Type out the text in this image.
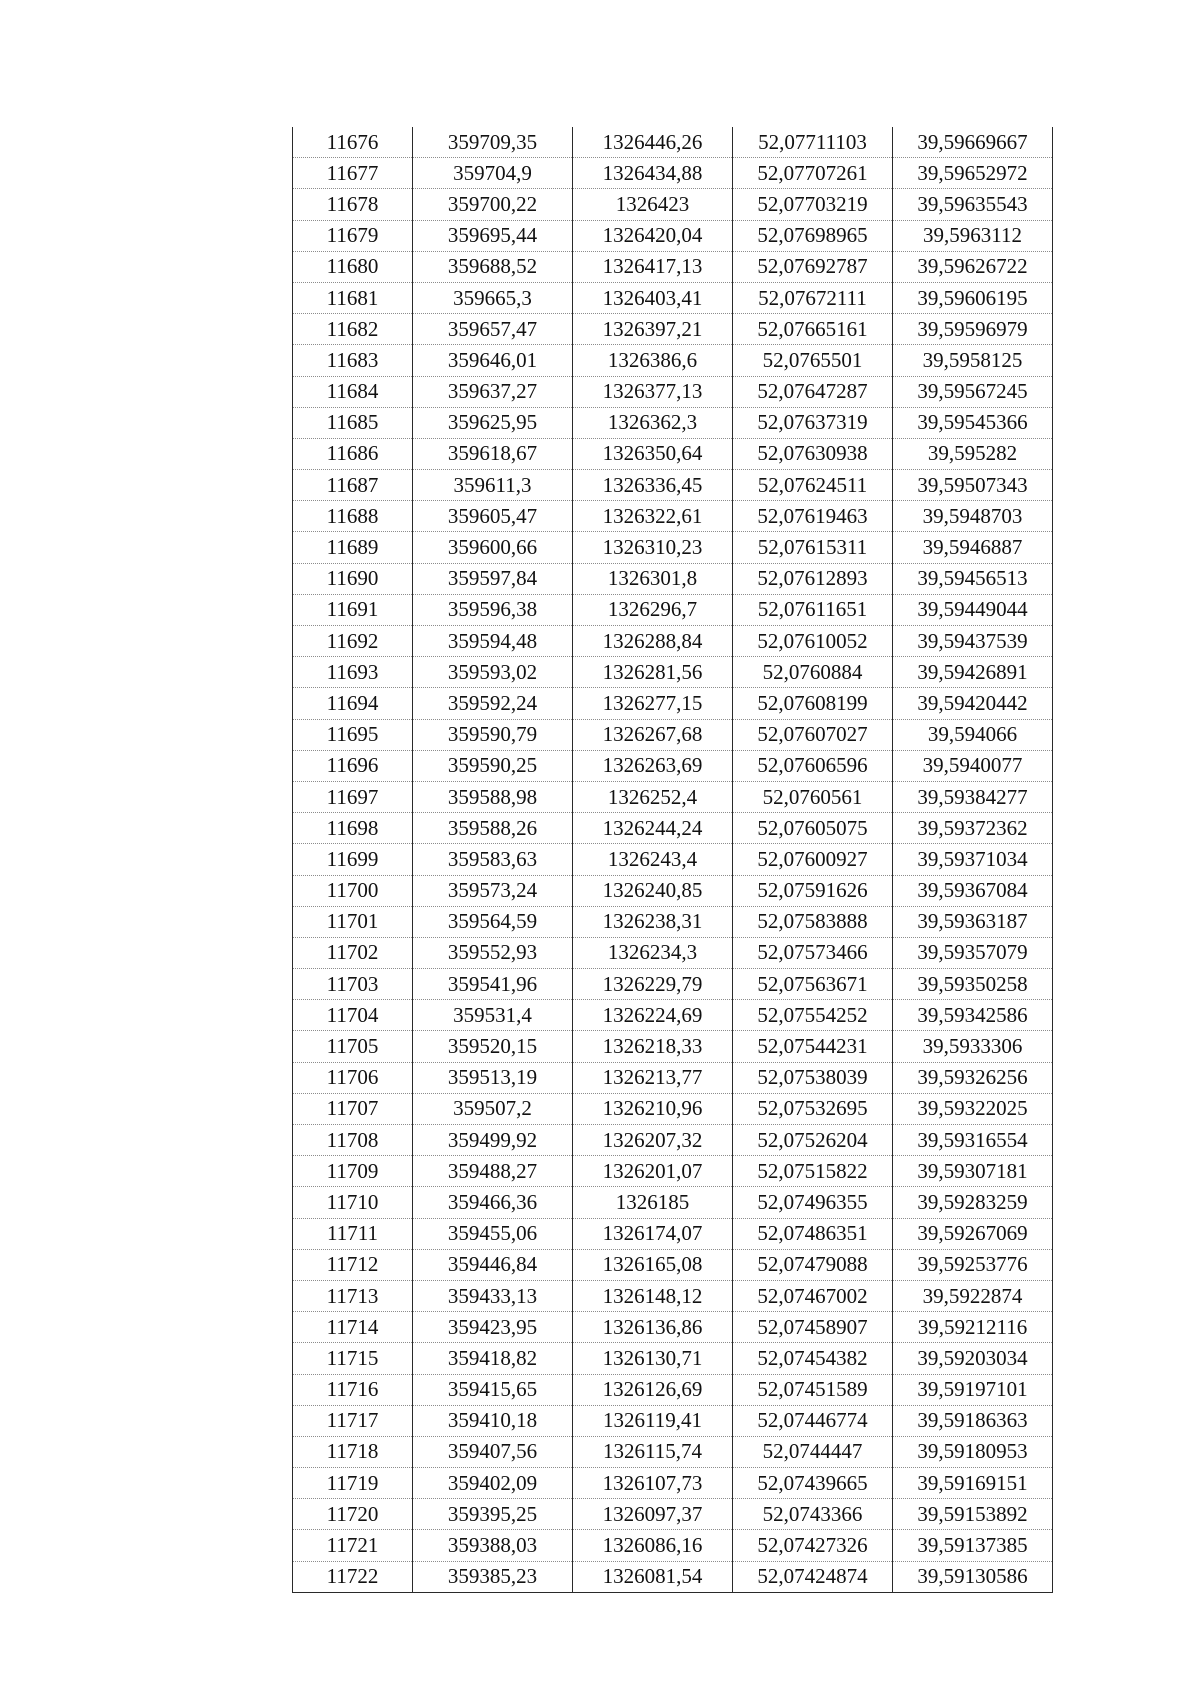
11676	359709,35	1326446,26	52,07711103	39,59669667
11677	359704,9	1326434,88	52,07707261	39,59652972
11678	359700,22	1326423	52,07703219	39,59635543
11679	359695,44	1326420,04	52,07698965	39,5963112
11680	359688,52	1326417,13	52,07692787	39,59626722
11681	359665,3	1326403,41	52,07672111	39,59606195
11682	359657,47	1326397,21	52,07665161	39,59596979
11683	359646,01	1326386,6	52,0765501	39,5958125
11684	359637,27	1326377,13	52,07647287	39,59567245
11685	359625,95	1326362,3	52,07637319	39,59545366
11686	359618,67	1326350,64	52,07630938	39,595282
11687	359611,3	1326336,45	52,07624511	39,59507343
11688	359605,47	1326322,61	52,07619463	39,5948703
11689	359600,66	1326310,23	52,07615311	39,5946887
11690	359597,84	1326301,8	52,07612893	39,59456513
11691	359596,38	1326296,7	52,07611651	39,59449044
11692	359594,48	1326288,84	52,07610052	39,59437539
11693	359593,02	1326281,56	52,0760884	39,59426891
11694	359592,24	1326277,15	52,07608199	39,59420442
11695	359590,79	1326267,68	52,07607027	39,594066
11696	359590,25	1326263,69	52,07606596	39,5940077
11697	359588,98	1326252,4	52,0760561	39,59384277
11698	359588,26	1326244,24	52,07605075	39,59372362
11699	359583,63	1326243,4	52,07600927	39,59371034
11700	359573,24	1326240,85	52,07591626	39,59367084
11701	359564,59	1326238,31	52,07583888	39,59363187
11702	359552,93	1326234,3	52,07573466	39,59357079
11703	359541,96	1326229,79	52,07563671	39,59350258
11704	359531,4	1326224,69	52,07554252	39,59342586
11705	359520,15	1326218,33	52,07544231	39,5933306
11706	359513,19	1326213,77	52,07538039	39,59326256
11707	359507,2	1326210,96	52,07532695	39,59322025
11708	359499,92	1326207,32	52,07526204	39,59316554
11709	359488,27	1326201,07	52,07515822	39,59307181
11710	359466,36	1326185	52,07496355	39,59283259
11711	359455,06	1326174,07	52,07486351	39,59267069
11712	359446,84	1326165,08	52,07479088	39,59253776
11713	359433,13	1326148,12	52,07467002	39,5922874
11714	359423,95	1326136,86	52,07458907	39,59212116
11715	359418,82	1326130,71	52,07454382	39,59203034
11716	359415,65	1326126,69	52,07451589	39,59197101
11717	359410,18	1326119,41	52,07446774	39,59186363
11718	359407,56	1326115,74	52,0744447	39,59180953
11719	359402,09	1326107,73	52,07439665	39,59169151
11720	359395,25	1326097,37	52,0743366	39,59153892
11721	359388,03	1326086,16	52,07427326	39,59137385
11722	359385,23	1326081,54	52,07424874	39,59130586
